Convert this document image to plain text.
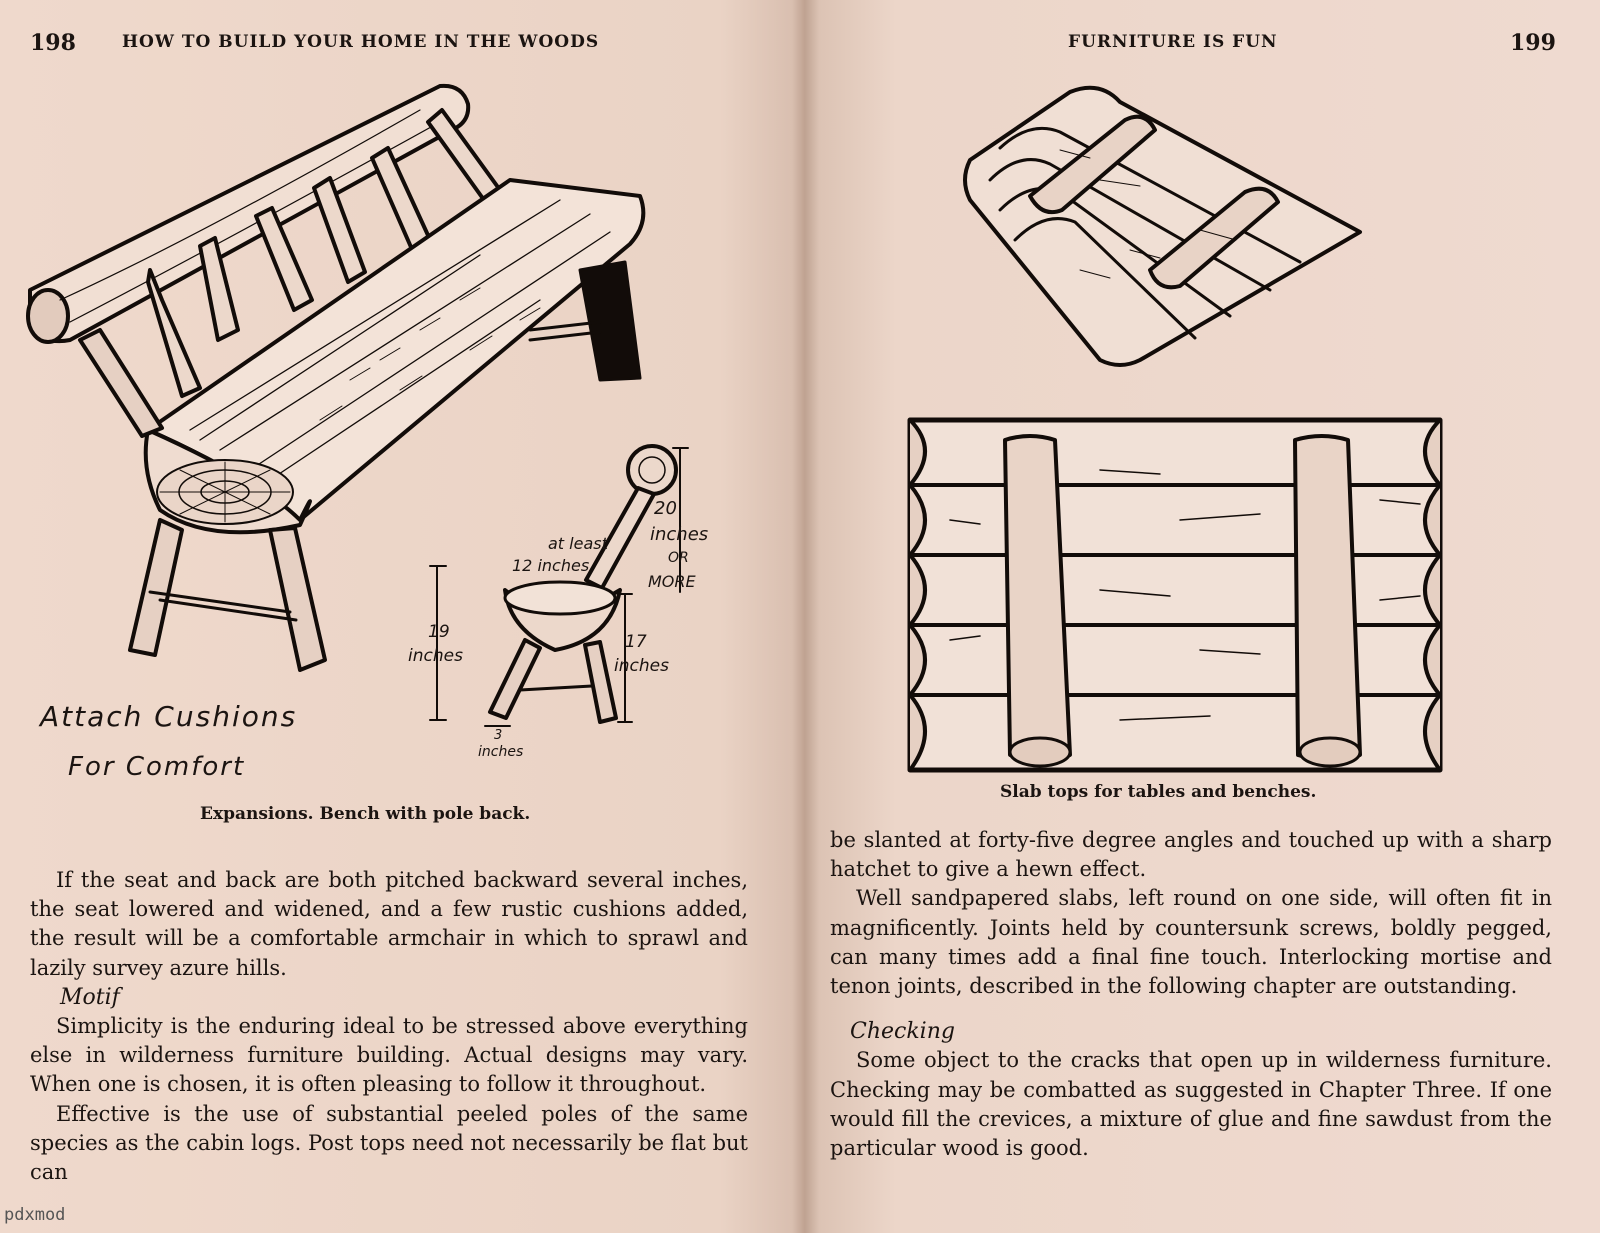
198	HOW TO BUILD YOUR HOME IN THE WOODS
20
inches
OR
MORE
at least
12 inches
19
inches
17
inches
3
inches
Attach Cushions
For Comfort
Expansions. Bench with pole back.

If the seat and back are both pitched backward several inches, the seat lowered and widened, and a few rustic cushions added, the result will be a comfortable armchair in which to sprawl and lazily survey azure hills.

Motif

Simplicity is the enduring ideal to be stressed above everything else in wilderness furniture building. Actual designs may vary. When one is chosen, it is often pleasing to follow it throughout.

Effective is the use of substantial peeled poles of the same species as the cabin logs. Post tops need not necessarily be flat but can

pdxmod
FURNITURE IS FUN	199
Slab tops for tables and benches.

be slanted at forty-five degree angles and touched up with a sharp hatchet to give a hewn effect.

Well sandpapered slabs, left round on one side, will often fit in magnificently. Joints held by countersunk screws, boldly pegged, can many times add a final fine touch. Interlocking mortise and tenon joints, described in the following chapter are outstanding.

Checking

Some object to the cracks that open up in wilderness furniture. Checking may be combatted as suggested in Chapter Three. If one would fill the crevices, a mixture of glue and fine sawdust from the particular wood is good.
